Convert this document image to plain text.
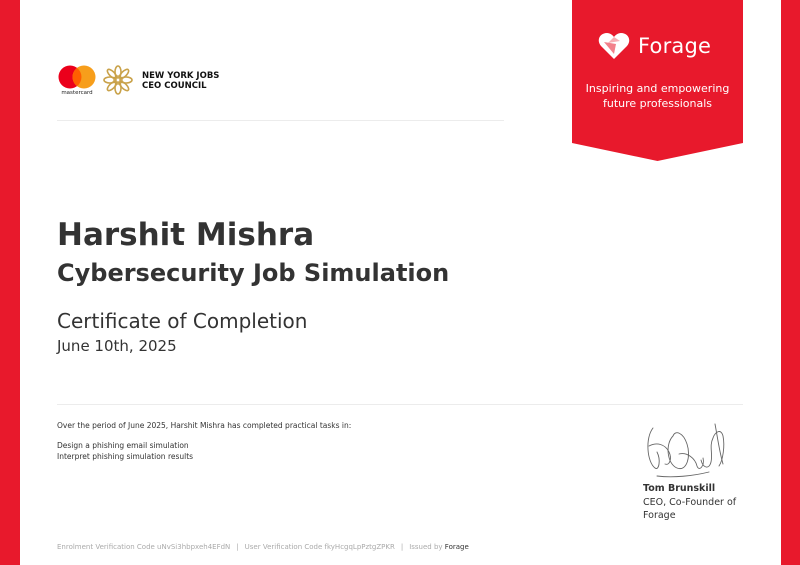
Forage
Inspiring and empowering
future professionals
mastercard
NEW YORK JOBS
CEO COUNCIL
Harshit Mishra
Cybersecurity Job Simulation
Certificate of Completion
June 10th, 2025
Over the period of June 2025, Harshit Mishra has completed practical tasks in:
Design a phishing email simulation
Interpret phishing simulation results
Tom Brunskill
CEO, Co-Founder of Forage
Enrolment Verification Code uNvSi3hbpxeh4EFdN | User Verification Code fkyHcgqLpPztgZPKR | Issued by Forage
